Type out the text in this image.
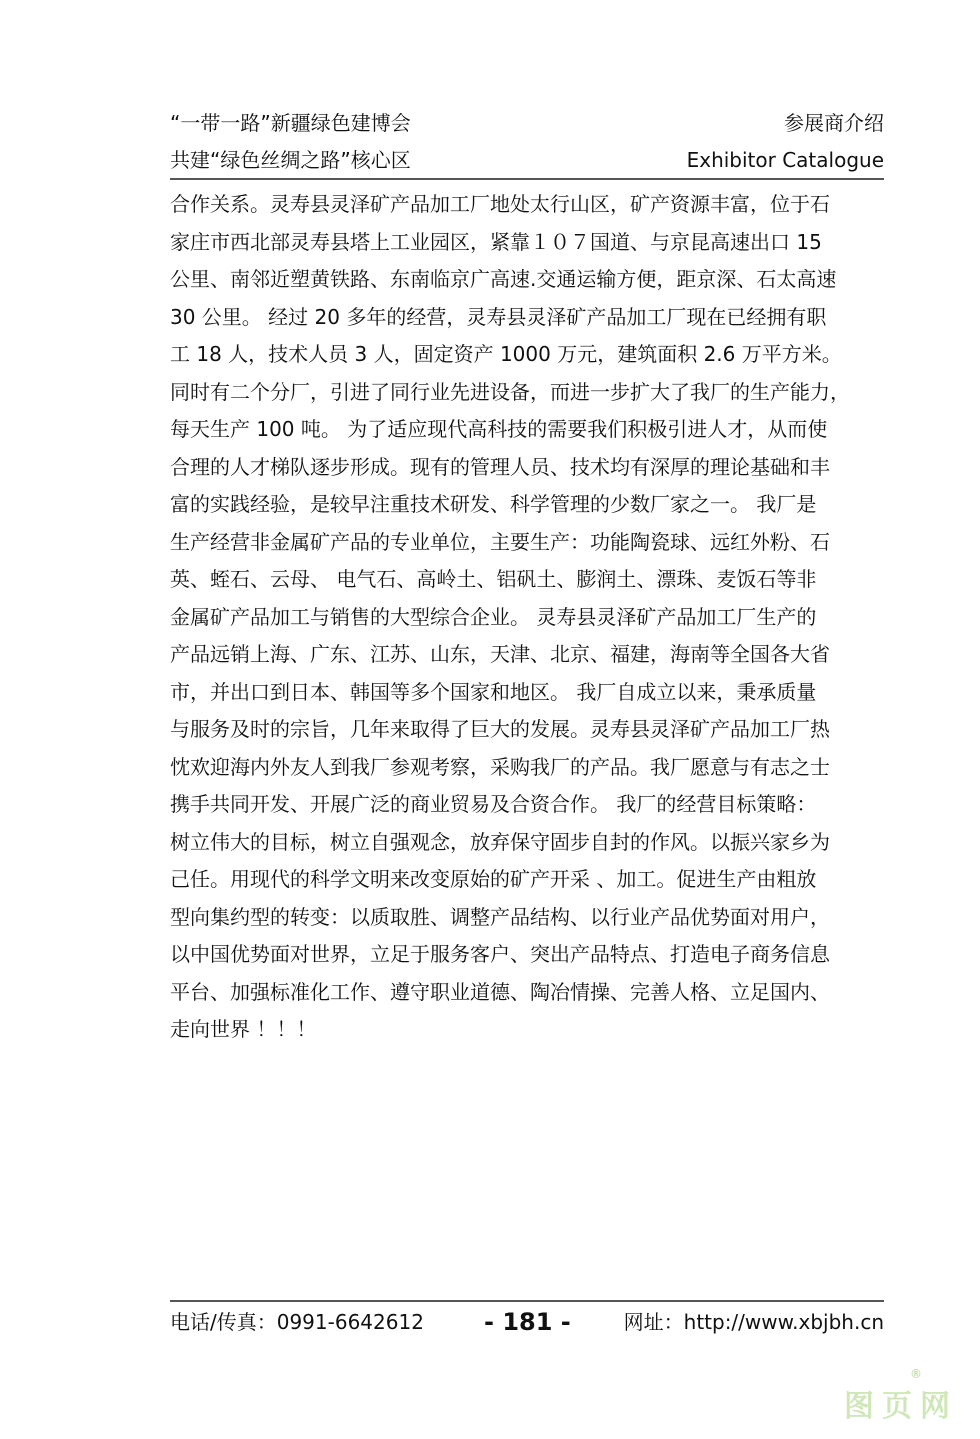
“一带一路”新疆绿色建博会	参展商介绍
共建“绿色丝绸之路”核心区	Exhibitor Catalogue
合作关系。灵寿县灵泽矿产品加工厂地处太行山区，矿产资源丰富，位于石
家庄市西北部灵寿县塔上工业园区，紧靠１０７国道、与京昆高速出口 15
公里、南邻近塑黄铁路、东南临京广高速.交通运输方便，距京深、石太高速
30 公里。 经过 20 多年的经营，灵寿县灵泽矿产品加工厂现在已经拥有职
工 18 人，技术人员 3 人，固定资产 1000 万元，建筑面积 2.6 万平方米。
同时有二个分厂，引进了同行业先进设备，而进一步扩大了我厂的生产能力，
每天生产 100 吨。 为了适应现代高科技的需要我们积极引进人才，从而使
合理的人才梯队逐步形成。现有的管理人员、技术均有深厚的理论基础和丰
富的实践经验，是较早注重技术研发、科学管理的少数厂家之一。 我厂是
生产经营非金属矿产品的专业单位，主要生产：功能陶瓷球、远红外粉、石
英、蛭石、云母、 电气石、高岭土、铝矾土、膨润土、漂珠、麦饭石等非
金属矿产品加工与销售的大型综合企业。 灵寿县灵泽矿产品加工厂生产的
产品远销上海、广东、江苏、山东，天津、北京、福建，海南等全国各大省
市，并出口到日本、韩国等多个国家和地区。 我厂自成立以来，秉承质量
与服务及时的宗旨，几年来取得了巨大的发展。灵寿县灵泽矿产品加工厂热
忱欢迎海内外友人到我厂参观考察，采购我厂的产品。我厂愿意与有志之士
携手共同开发、开展广泛的商业贸易及合资合作。 我厂的经营目标策略：
树立伟大的目标，树立自强观念，放弃保守固步自封的作风。以振兴家乡为
己任。用现代的科学文明来改变原始的矿产开采 、加工。促进生产由粗放
型向集约型的转变：以质取胜、调整产品结构、以行业产品优势面对用户，
以中国优势面对世界，立足于服务客户、突出产品特点、打造电子商务信息
平台、加强标准化工作、遵守职业道德、陶冶情操、完善人格、立足国内、
走向世界 ！！！
电话/传真：0991-6642612	- 181 -	网址：http://www.xbjbh.cn
图页网
®
